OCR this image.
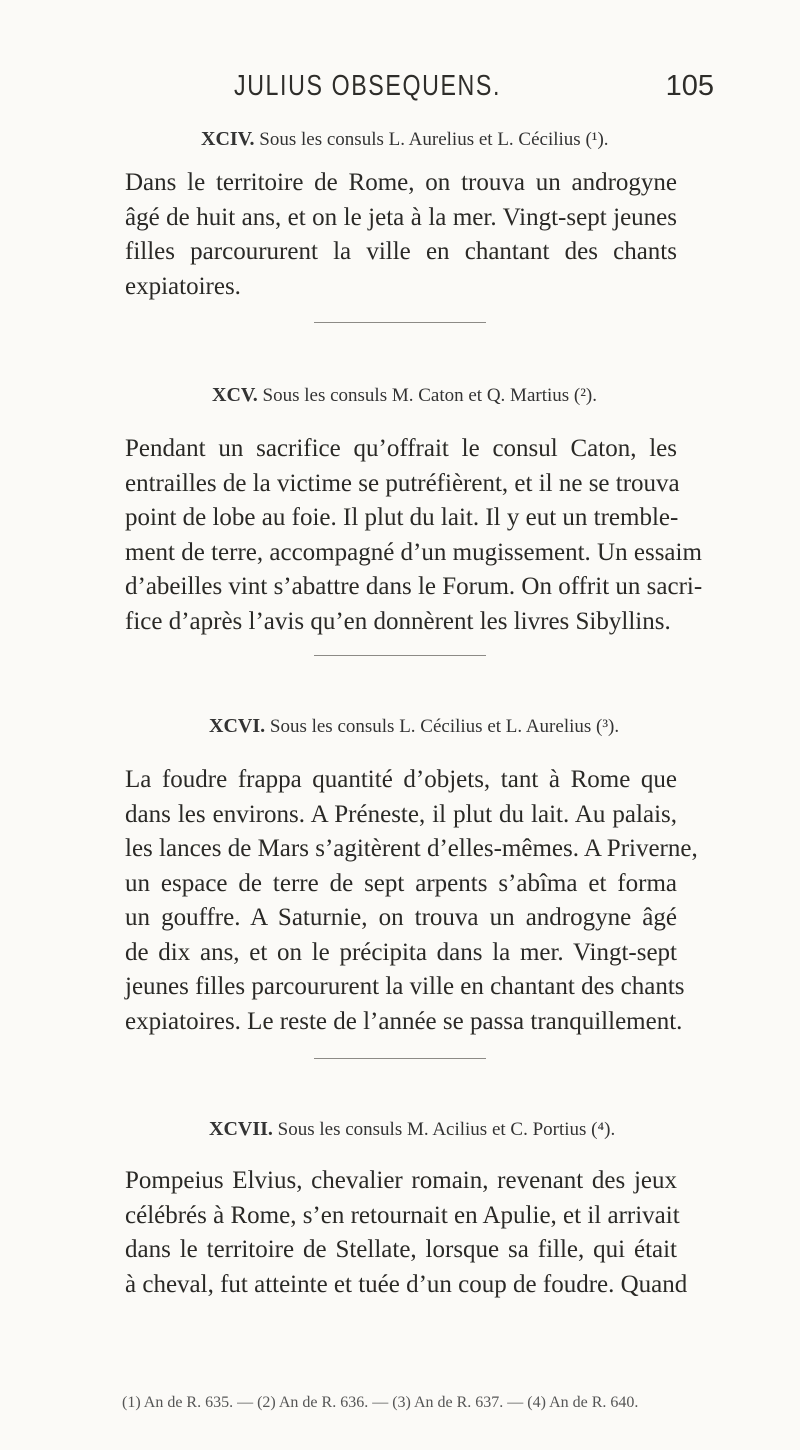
JULIUS OBSEQUENS.	105
XCIV. Sous les consuls L. Aurelius et L. Cécilius (¹).
Dans le territoire de Rome, on trouva un androgyne
âgé de huit ans, et on le jeta à la mer. Vingt-sept jeunes
filles parcoururent la ville en chantant des chants
expiatoires.
XCV. Sous les consuls M. Caton et Q. Martius (²).
Pendant un sacrifice qu’offrait le consul Caton, les
entrailles de la victime se putréfièrent, et il ne se trouva
point de lobe au foie. Il plut du lait. Il y eut un tremble-
ment de terre, accompagné d’un mugissement. Un essaim
d’abeilles vint s’abattre dans le Forum. On offrit un sacri-
fice d’après l’avis qu’en donnèrent les livres Sibyllins.
XCVI. Sous les consuls L. Cécilius et L. Aurelius (³).
La foudre frappa quantité d’objets, tant à Rome que
dans les environs. A Préneste, il plut du lait. Au palais,
les lances de Mars s’agitèrent d’elles-mêmes. A Priverne,
un espace de terre de sept arpents s’abîma et forma
un gouffre. A Saturnie, on trouva un androgyne âgé
de dix ans, et on le précipita dans la mer. Vingt-sept
jeunes filles parcoururent la ville en chantant des chants
expiatoires. Le reste de l’année se passa tranquillement.
XCVII. Sous les consuls M. Acilius et C. Portius (⁴).
Pompeius Elvius, chevalier romain, revenant des jeux
célébrés à Rome, s’en retournait en Apulie, et il arrivait
dans le territoire de Stellate, lorsque sa fille, qui était
à cheval, fut atteinte et tuée d’un coup de foudre. Quand
(1) An de R. 635. — (2) An de R. 636. — (3) An de R. 637. — (4) An de R. 640.
